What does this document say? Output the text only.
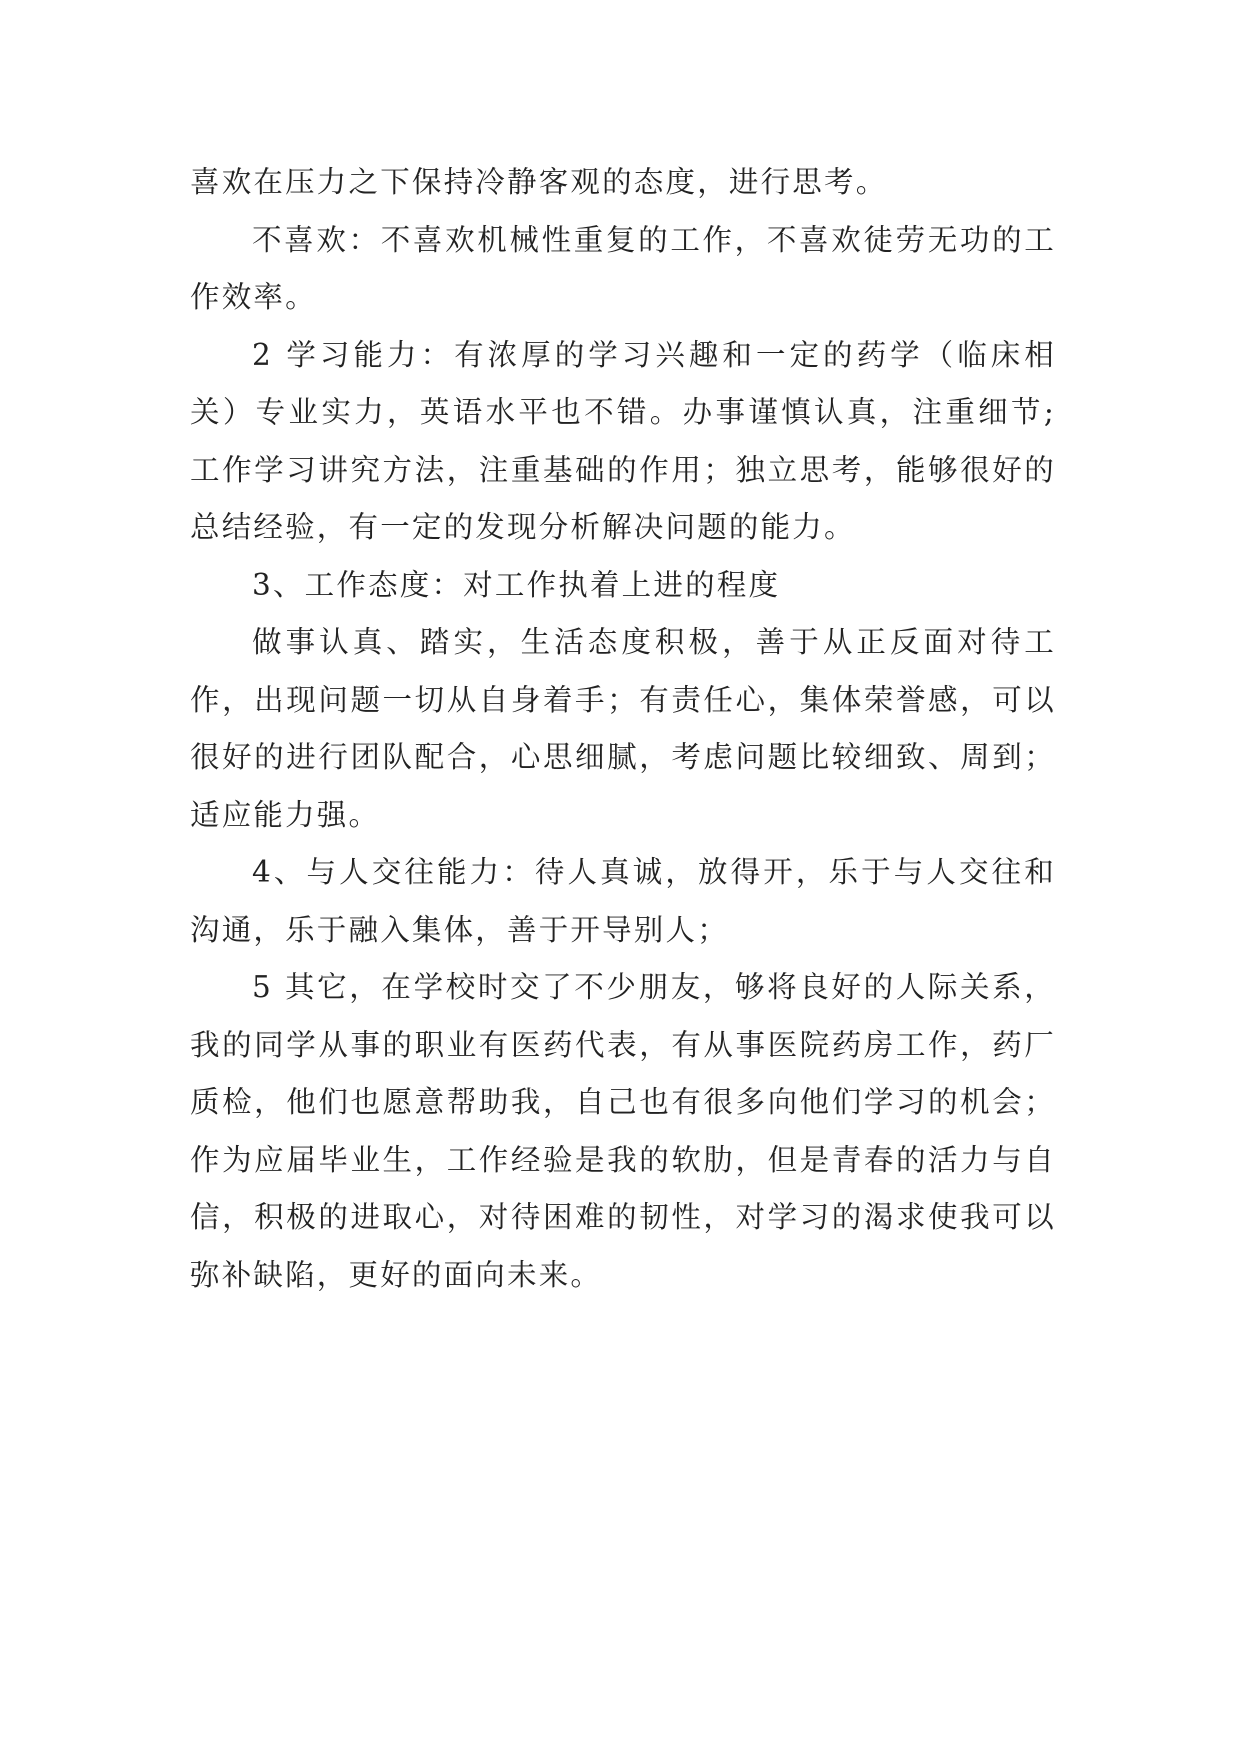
喜欢在压力之下保持冷静客观的态度，进行思考。

不喜欢：不喜欢机械性重复的工作，不喜欢徒劳无功的工作效率。

2 学习能力：有浓厚的学习兴趣和一定的药学（临床相关）专业实力，英语水平也不错。办事谨慎认真，注重细节;工作学习讲究方法，注重基础的作用；独立思考，能够很好的总结经验，有一定的发现分析解决问题的能力。

3、工作态度：对工作执着上进的程度

做事认真、踏实，生活态度积极，善于从正反面对待工作，出现问题一切从自身着手；有责任心，集体荣誉感，可以很好的进行团队配合，心思细腻，考虑问题比较细致、周到；适应能力强。

4、与人交往能力：待人真诚，放得开，乐于与人交往和沟通，乐于融入集体，善于开导别人；

5 其它，在学校时交了不少朋友，够将良好的人际关系，我的同学从事的职业有医药代表，有从事医院药房工作，药厂质检，他们也愿意帮助我，自己也有很多向他们学习的机会；作为应届毕业生，工作经验是我的软肋，但是青春的活力与自信，积极的进取心，对待困难的韧性，对学习的渴求使我可以弥补缺陷，更好的面向未来。
